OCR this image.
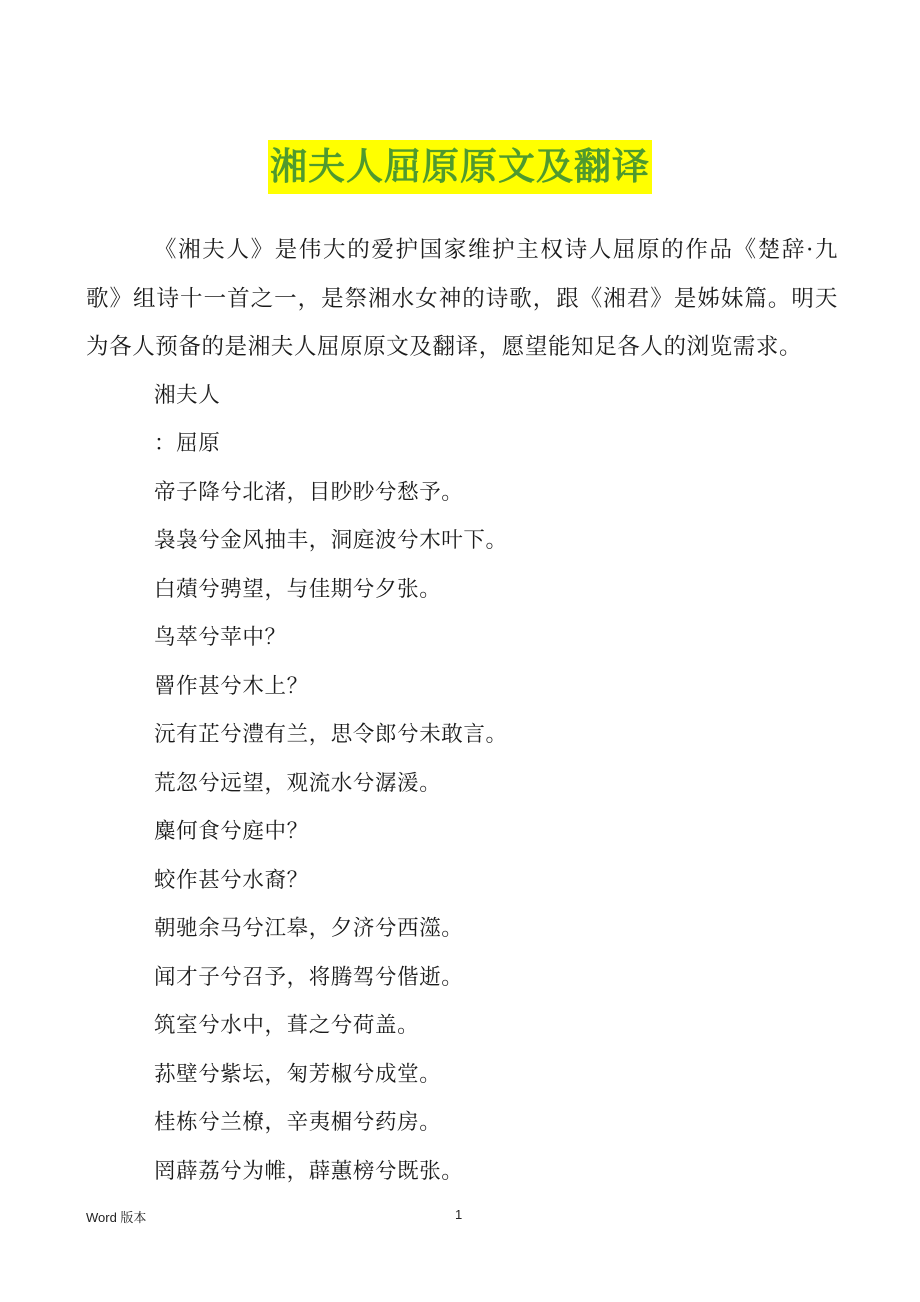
湘夫人屈原原文及翻译

《湘夫人》是伟大的爱护国家维护主权诗人屈原的作品《楚辞·九歌》组诗十一首之一，是祭湘水女神的诗歌，跟《湘君》是姊妹篇。明天为各人预备的是湘夫人屈原原文及翻译，愿望能知足各人的浏览需求。

湘夫人
：屈原
帝子降兮北渚，目眇眇兮愁予。
袅袅兮金风抽丰，洞庭波兮木叶下。
白薠兮骋望，与佳期兮夕张。
鸟萃兮苹中？
罾作甚兮木上？
沅有芷兮澧有兰，思令郎兮未敢言。
荒忽兮远望，观流水兮潺湲。
麋何食兮庭中？
蛟作甚兮水裔？
朝驰余马兮江皋，夕济兮西澨。
闻才子兮召予，将腾驾兮偕逝。
筑室兮水中，葺之兮荷盖。
荪壁兮紫坛，匊芳椒兮成堂。
桂栋兮兰橑，辛夷楣兮药房。
罔薜荔兮为帷，薜蕙榜兮既张。
Word 版本	1
